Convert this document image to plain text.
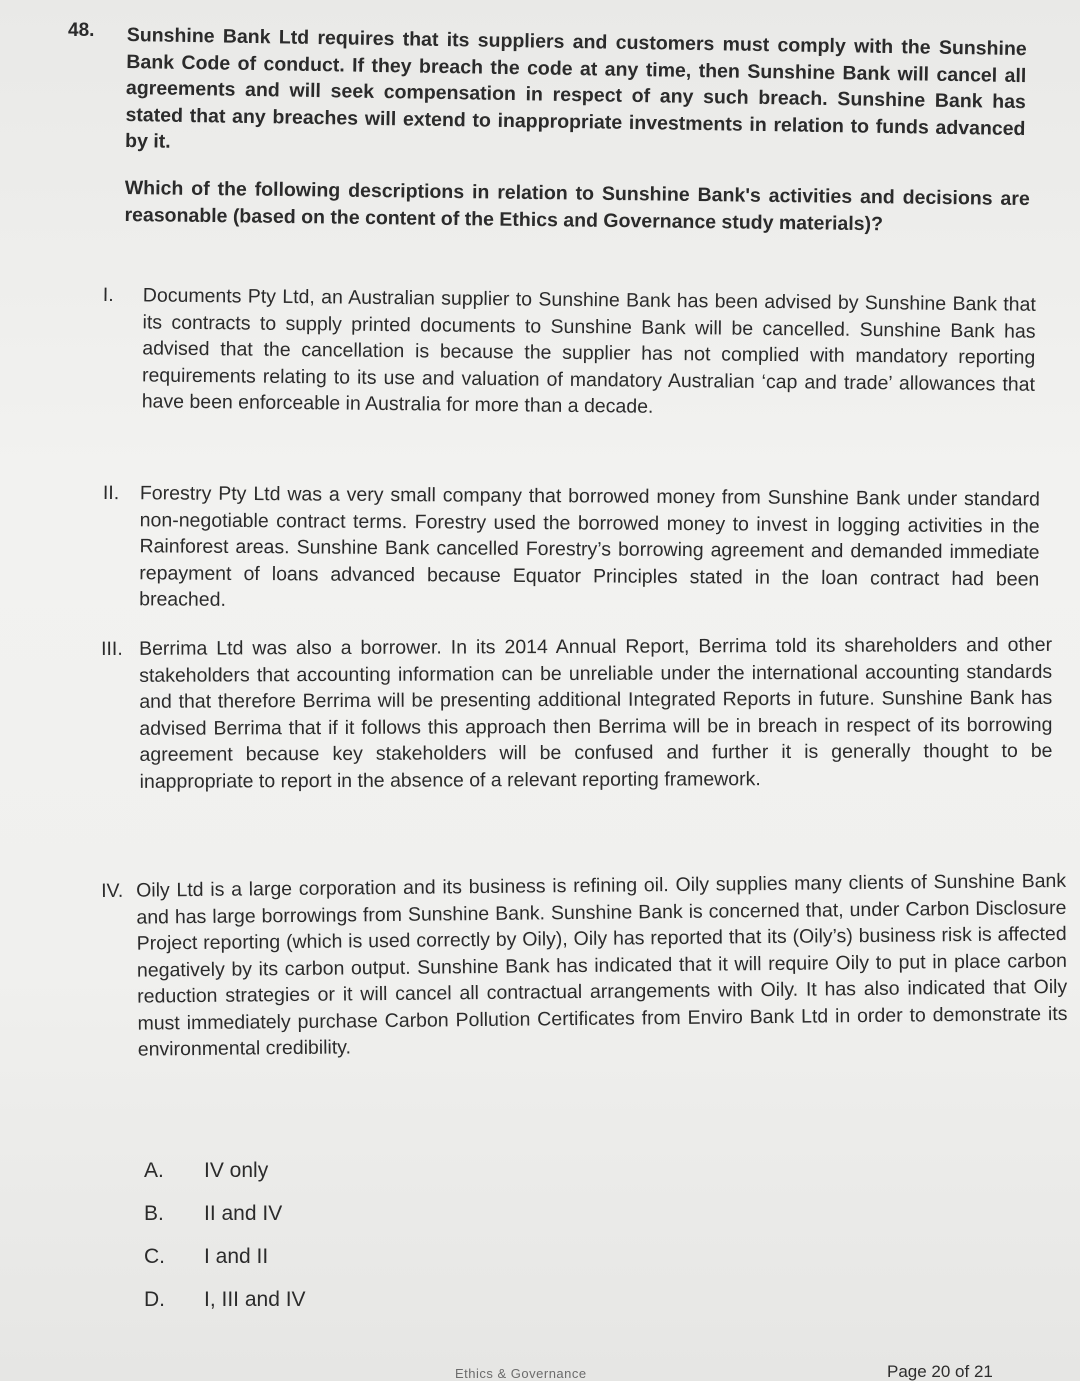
48. Sunshine Bank Ltd requires that its suppliers and customers must comply with the Sunshine Bank Code of conduct. If they breach the code at any time, then Sunshine Bank will cancel all agreements and will seek compensation in respect of any such breach. Sunshine Bank has stated that any breaches will extend to inappropriate investments in relation to funds advanced by it.
Which of the following descriptions in relation to Sunshine Bank's activities and decisions are reasonable (based on the content of the Ethics and Governance study materials)?
I. Documents Pty Ltd, an Australian supplier to Sunshine Bank has been advised by Sunshine Bank that its contracts to supply printed documents to Sunshine Bank will be cancelled. Sunshine Bank has advised that the cancellation is because the supplier has not complied with mandatory reporting requirements relating to its use and valuation of mandatory Australian ‘cap and trade’ allowances that have been enforceable in Australia for more than a decade.
II. Forestry Pty Ltd was a very small company that borrowed money from Sunshine Bank under standard non-negotiable contract terms. Forestry used the borrowed money to invest in logging activities in the Rainforest areas. Sunshine Bank cancelled Forestry’s borrowing agreement and demanded immediate repayment of loans advanced because Equator Principles stated in the loan contract had been breached.
III. Berrima Ltd was also a borrower. In its 2014 Annual Report, Berrima told its shareholders and other stakeholders that accounting information can be unreliable under the international accounting standards and that therefore Berrima will be presenting additional Integrated Reports in future. Sunshine Bank has advised Berrima that if it follows this approach then Berrima will be in breach in respect of its borrowing agreement because key stakeholders will be confused and further it is generally thought to be inappropriate to report in the absence of a relevant reporting framework.
IV. Oily Ltd is a large corporation and its business is refining oil. Oily supplies many clients of Sunshine Bank and has large borrowings from Sunshine Bank. Sunshine Bank is concerned that, under Carbon Disclosure Project reporting (which is used correctly by Oily), Oily has reported that its (Oily’s) business risk is affected negatively by its carbon output. Sunshine Bank has indicated that it will require Oily to put in place carbon reduction strategies or it will cancel all contractual arrangements with Oily. It has also indicated that Oily must immediately purchase Carbon Pollution Certificates from Enviro Bank Ltd in order to demonstrate its environmental credibility.
A. IV only
B. II and IV
C. I and II
D. I, III and IV
Ethics & Governance	Page 20 of 21
